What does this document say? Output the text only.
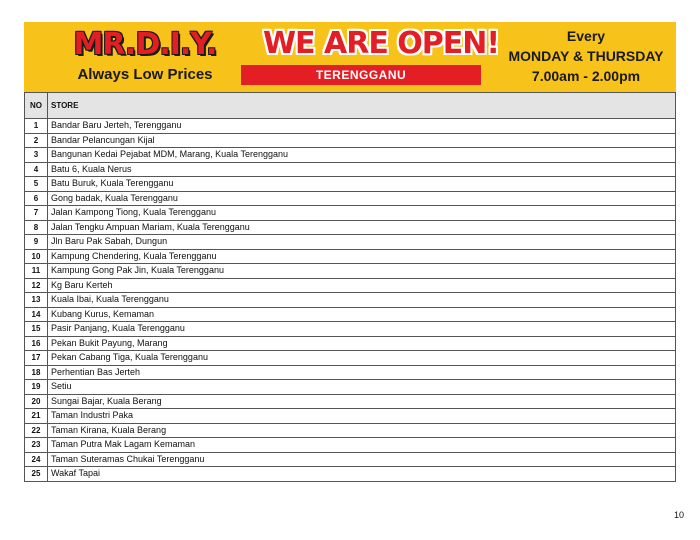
MR.D.I.Y.
Always Low Prices
WE ARE OPEN!
TERENGGANU
Every
MONDAY & THURSDAY
7.00am - 2.00pm
NO	STORE
1	Bandar Baru Jerteh, Terengganu
2	Bandar Pelancungan Kijal
3	Bangunan Kedai Pejabat MDM, Marang, Kuala Terengganu
4	Batu 6, Kuala Nerus
5	Batu Buruk, Kuala Terengganu
6	Gong badak, Kuala Terengganu
7	Jalan Kampong Tiong, Kuala Terengganu
8	Jalan Tengku Ampuan Mariam, Kuala Terengganu
9	Jln Baru Pak Sabah, Dungun
10	Kampung Chendering, Kuala Terengganu
11	Kampung Gong Pak Jin, Kuala Terengganu
12	Kg Baru Kerteh
13	Kuala Ibai, Kuala Terengganu
14	Kubang Kurus, Kemaman
15	Pasir Panjang, Kuala Terengganu
16	Pekan Bukit Payung, Marang
17	Pekan Cabang Tiga, Kuala Terengganu
18	Perhentian Bas Jerteh
19	Setiu
20	Sungai Bajar, Kuala Berang
21	Taman Industri Paka
22	Taman Kirana, Kuala Berang
23	Taman Putra Mak Lagam Kemaman
24	Taman Suteramas Chukai Terengganu
25	Wakaf Tapai
10
